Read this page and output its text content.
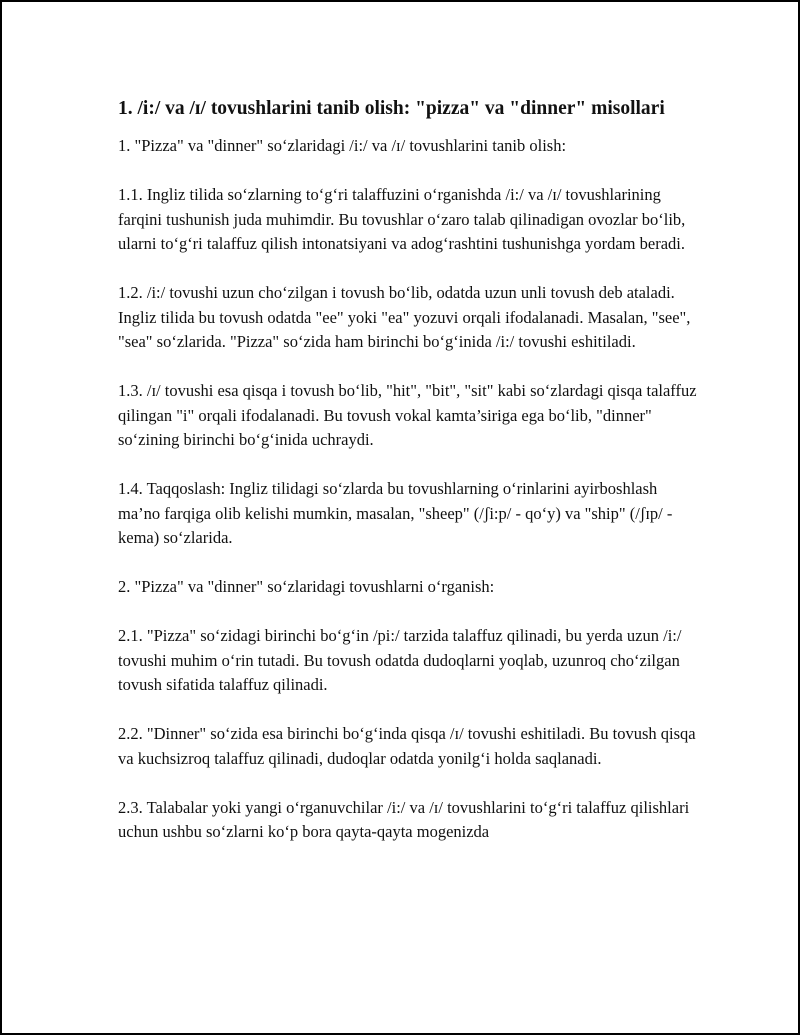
1. /i:/ va /ɪ/ tovushlarini tanib olish: "pizza" va "dinner" misollari

1. "Pizza" va "dinner" so‘zlaridagi /i:/ va /ɪ/ tovushlarini tanib olish:

1.1. Ingliz tilida so‘zlarning to‘g‘ri talaffuzini o‘rganishda /i:/ va /ɪ/ tovushlarining farqini tushunish juda muhimdir. Bu tovushlar o‘zaro talab qilinadigan ovozlar bo‘lib, ularni to‘g‘ri talaffuz qilish intonatsiyani va adog‘rashtini tushunishga yordam beradi.

1.2. /i:/ tovushi uzun cho‘zilgan i tovush bo‘lib, odatda uzun unli tovush deb ataladi. Ingliz tilida bu tovush odatda "ee" yoki "ea" yozuvi orqali ifodalanadi. Masalan, "see", "sea" so‘zlarida. "Pizza" so‘zida ham birinchi bo‘g‘inida /i:/ tovushi eshitiladi.

1.3. /ɪ/ tovushi esa qisqa i tovush bo‘lib, "hit", "bit", "sit" kabi so‘zlardagi qisqa talaffuz qilingan "i" orqali ifodalanadi. Bu tovush vokal kamta’siriga ega bo‘lib, "dinner" so‘zining birinchi bo‘g‘inida uchraydi.

1.4. Taqqoslash: Ingliz tilidagi so‘zlarda bu tovushlarning o‘rinlarini ayirboshlash ma’no farqiga olib kelishi mumkin, masalan, "sheep" (/ʃi:p/ - qo‘y) va "ship" (/ʃɪp/ - kema) so‘zlarida.

2. "Pizza" va "dinner" so‘zlaridagi tovushlarni o‘rganish:

2.1. "Pizza" so‘zidagi birinchi bo‘g‘in /pi:/ tarzida talaffuz qilinadi, bu yerda uzun /i:/ tovushi muhim o‘rin tutadi. Bu tovush odatda dudoqlarni yoqlab, uzunroq cho‘zilgan tovush sifatida talaffuz qilinadi.

2.2. "Dinner" so‘zida esa birinchi bo‘g‘inda qisqa /ɪ/ tovushi eshitiladi. Bu tovush qisqa va kuchsizroq talaffuz qilinadi, dudoqlar odatda yonilg‘i holda saqlanadi.

2.3. Talabalar yoki yangi o‘rganuvchilar /i:/ va /ɪ/ tovushlarini to‘g‘ri talaffuz qilishlari uchun ushbu so‘zlarni ko‘p bora qayta-qayta mogenizda
